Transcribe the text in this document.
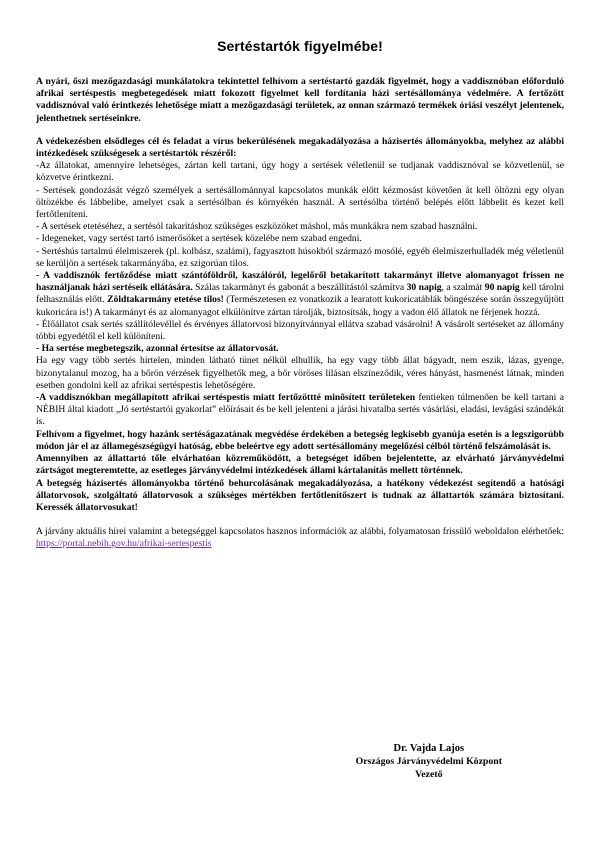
Sertéstartók figyelmébe!

A nyári, őszi mezőgazdasági munkálatokra tekintettel felhívom a sertéstartó gazdák figyelmét, hogy a vaddisznóban előforduló afrikai sertéspestis megbetegedések miatt fokozott figyelmet kell fordítania házi sertésállománya védelmére. A fertőzött vaddisznóval való érintkezés lehetősége miatt a mezőgazdasági területek, az onnan származó termékek óriási veszélyt jelentenek, jelenthetnek sertéseinkre.

A védekezésben elsődleges cél és feladat a vírus bekerülésének megakadályozása a házisertés állományokba, melyhez az alábbi intézkedések szükségesek a sertéstartók részéről:

-Az állatokat, amennyire lehetséges, zártan kell tartani, úgy hogy a sertések véletlenül se tudjanak vaddisznóval se közvetlenül, se közvetve érintkezni.

- Sertések gondozását végző személyek a sertésállománnyal kapcsolatos munkák előtt kézmosást követően át kell öltözni egy olyan öltözékbe és lábbelibe, amelyet csak a sertésólban és környékén használ. A sertésólba történő belépés előtt lábbelit és kezet kell fertőtleníteni.

- A sertések etetéséhez, a sertésól takarításhoz szükséges eszközöket máshol, más munkákra nem szabad használni.

- Idegeneket, vagy sertést tartó ismerősöket a sertések közelébe nem szabad engedni.

- Sertéshús tartalmú élelmiszerek (pl. kolbász, szalámi), fagyasztott húsokból származó mosólé, egyéb élelmiszerhulladék még véletlenül se kerüljön a sertések takarmányába, ez szigorúan tilos.

- A vaddisznók fertőződése miatt szántóföldről, kaszálóról, legelőről betakarított takarmányt illetve alomanyagot frissen ne használjanak házi sertéseik ellátására. Szálas takarmányt és gabonát a beszállítástól számítva 30 napig, a szalmát 90 napig kell tárolni felhasználás előtt. Zöldtakarmány etetése tilos! (Természetesen ez vonatkozik a learatott kukoricatáblák böngészése során összegyűjtött kukoricára is!) A takarmányt és az alomanyagot elkülönítve zártan tárolják, biztosítsák, hogy a vadon élő állatok ne férjenek hozzá.

- Élőállatot csak sertés szállítólevéllel és érvényes állatorvosi bizonyítvánnyal ellátva szabad vásárolni! A vásárolt sertéseket az állomány többi egyedétől el kell különíteni.

- Ha sertése megbetegszik, azonnal értesítse az állatorvosát.

Ha egy vagy több sertés hirtelen, minden látható tünet nélkül elhullik, ha egy vagy több állat bágyadt, nem eszik, lázas, gyenge, bizonytalanul mozog, ha a bőrön vérzések figyelhetők meg, a bőr vöröses lilásan elszíneződik, véres hányást, hasmenést látnak, minden esetben gondolni kell az afrikai sertéspestis lehetőségére.

-A vaddisznókban megállapított afrikai sertéspestis miatt fertőzöttté minősített területeken fentieken túlmenően be kell tartani a NÉBIH által kiadott „Jó sertéstartói gyakorlat” előírásait és be kell jelenteni a járási hivatalba sertés vásárlási, eladási, levágási szándékát is.

Felhívom a figyelmet, hogy hazánk sertéságazatának megvédése érdekében a betegség legkisebb gyanúja esetén is a legszigorúbb módon jár el az államegészségügyi hatóság, ebbe beleértve egy adott sertésállomány megelőzési célból történő felszámolását is.

Amennyiben az állattartó tőle elvárhatóan közreműködött, a betegséget időben bejelentette, az elvárható járványvédelmi zártságot megteremtette, az esetleges járványvédelmi intézkedések állami kártalanítás mellett történnek.

A betegség házisertés állományokba történő behurcolásának megakadályozása, a hatékony védekezést segítendő a hatósági állatorvosok, szolgáltató állatorvosok a szükséges mértékben fertőtlenítőszert is tudnak az állattartók számára biztosítani. Keressék állatorvosukat!

A járvány aktuális hírei valamint a betegséggel kapcsolatos hasznos információk az alábbi, folyamatosan frissülő weboldalon elérhetőek: https://portal.nebih.gov.hu/afrikai-sertespestis

Dr. Vajda Lajos
Országos Járványvédelmi Központ
Vezető
